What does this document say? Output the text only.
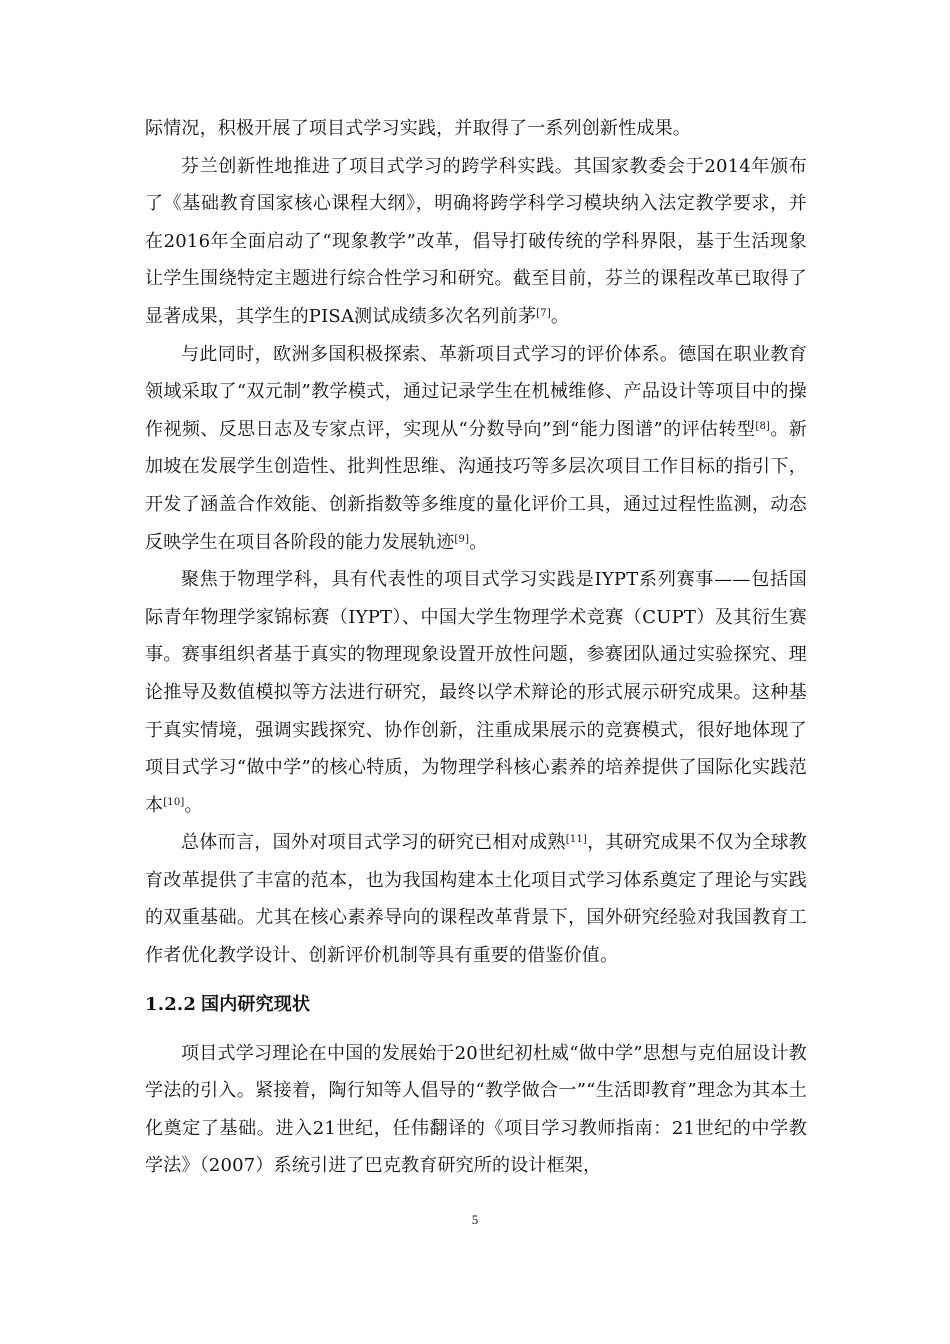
际情况，积极开展了项目式学习实践，并取得了一系列创新性成果。

芬兰创新性地推进了项目式学习的跨学科实践。其国家教委会于2014年颁布了《基础教育国家核心课程大纲》，明确将跨学科学习模块纳入法定教学要求，并在2016年全面启动了“现象教学”改革，倡导打破传统的学科界限，基于生活现象让学生围绕特定主题进行综合性学习和研究。截至目前，芬兰的课程改革已取得了显著成果，其学生的PISA测试成绩多次名列前茅[7]。

与此同时，欧洲多国积极探索、革新项目式学习的评价体系。德国在职业教育领域采取了“双元制”教学模式，通过记录学生在机械维修、产品设计等项目中的操作视频、反思日志及专家点评，实现从“分数导向”到“能力图谱”的评估转型[8]。新加坡在发展学生创造性、批判性思维、沟通技巧等多层次项目工作目标的指引下，开发了涵盖合作效能、创新指数等多维度的量化评价工具，通过过程性监测，动态反映学生在项目各阶段的能力发展轨迹[9]。

聚焦于物理学科，具有代表性的项目式学习实践是IYPT系列赛事——包括国际青年物理学家锦标赛（IYPT）、中国大学生物理学术竞赛（CUPT）及其衍生赛事。赛事组织者基于真实的物理现象设置开放性问题，参赛团队通过实验探究、理论推导及数值模拟等方法进行研究，最终以学术辩论的形式展示研究成果。这种基于真实情境，强调实践探究、协作创新，注重成果展示的竞赛模式，很好地体现了项目式学习“做中学”的核心特质，为物理学科核心素养的培养提供了国际化实践范本[10]。

总体而言，国外对项目式学习的研究已相对成熟[11]，其研究成果不仅为全球教育改革提供了丰富的范本，也为我国构建本土化项目式学习体系奠定了理论与实践的双重基础。尤其在核心素养导向的课程改革背景下，国外研究经验对我国教育工作者优化教学设计、创新评价机制等具有重要的借鉴价值。

1.2.2 国内研究现状

项目式学习理论在中国的发展始于20世纪初杜威“做中学”思想与克伯屈设计教学法的引入。紧接着，陶行知等人倡导的“教学做合一”“生活即教育”理念为其本土化奠定了基础。进入21世纪，任伟翻译的《项目学习教师指南：21世纪的中学教学法》（2007）系统引进了巴克教育研究所的设计框架，

5
